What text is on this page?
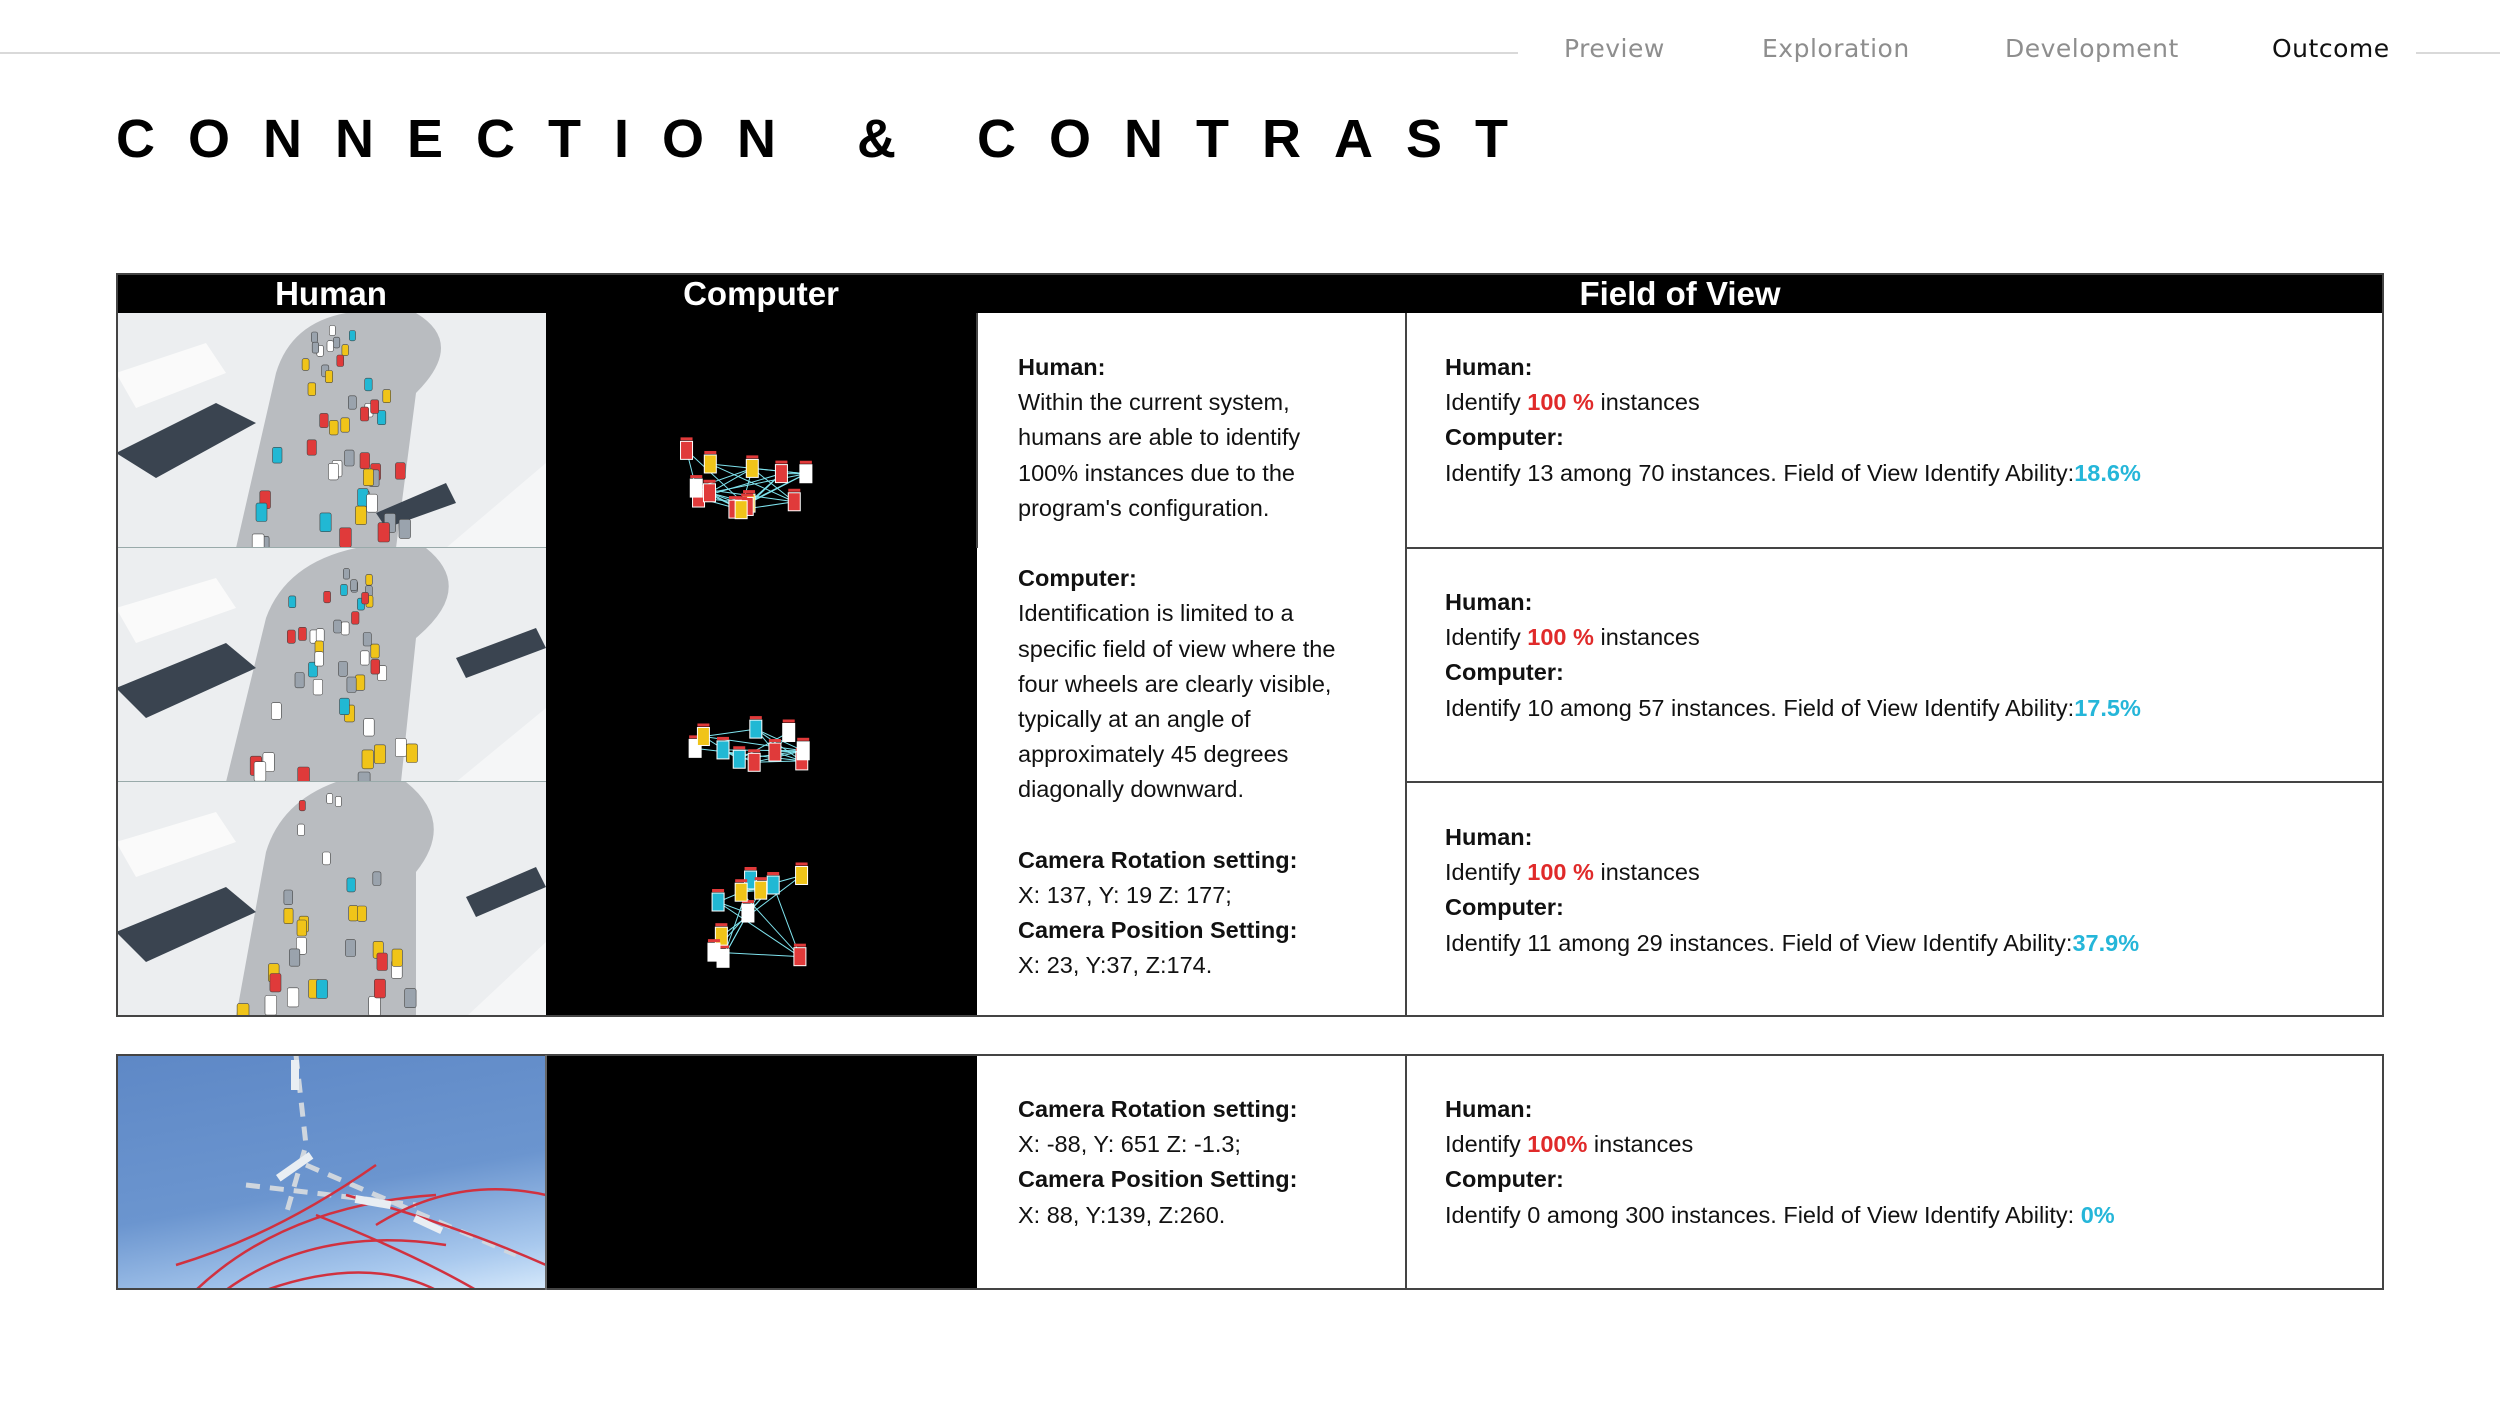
Preview	Exploration	Development	Outcome
CONNECTION & CONTRAST
Human	Computer	Field of View
Human:
Within the current system,
humans are able to identify
100% instances due to the
program's configuration.

Computer:
Identification is limited to a
specific field of view where the
four wheels are clearly visible,
typically at an angle of
approximately 45 degrees
diagonally downward.

Camera Rotation setting:
X: 137, Y: 19 Z: 177;
Camera Position Setting:
X: 23, Y:37, Z:174.
Human:
Identify 100 % instances
Computer:
Identify 13 among 70 instances. Field of View Identify Ability:18.6%
Human:
Identify 100 % instances
Computer:
Identify 10 among 57 instances. Field of View Identify Ability:17.5%
Human:
Identify 100 % instances
Computer:
Identify 11 among 29 instances. Field of View Identify Ability:37.9%
Camera Rotation setting:
X: -88, Y: 651 Z: -1.3;
Camera Position Setting:
X: 88, Y:139, Z:260.
Human:
Identify 100% instances
Computer:
Identify 0 among 300 instances. Field of View Identify Ability: 0%
